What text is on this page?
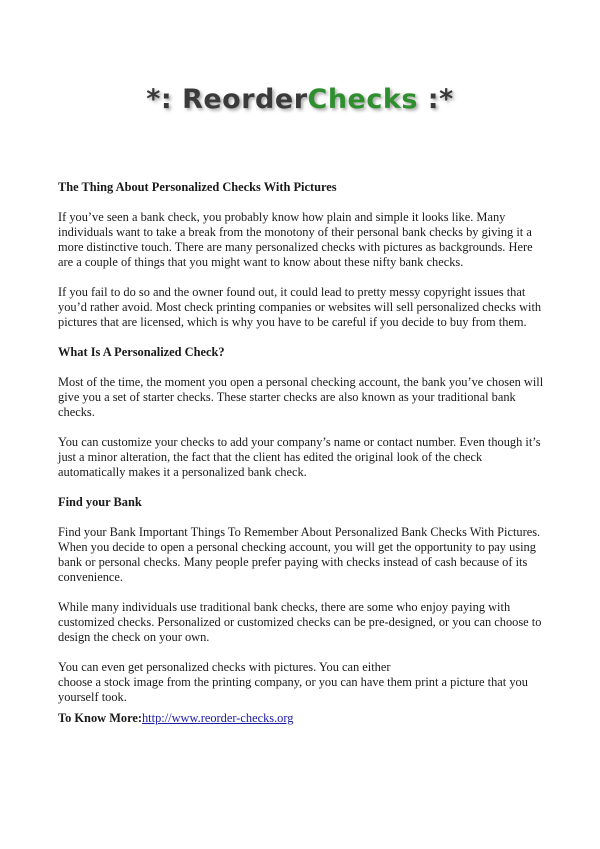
*: ReorderChecks :*
The Thing About Personalized Checks With Pictures

If you’ve seen a bank check, you probably know how plain and simple it looks like. Many individuals want to take a break from the monotony of their personal bank checks by giving it a more distinctive touch. There are many personalized checks with pictures as backgrounds. Here are a couple of things that you might want to know about these nifty bank checks.

If you fail to do so and the owner found out, it could lead to pretty messy copyright issues that you’d rather avoid. Most check printing companies or websites will sell personalized checks with pictures that are licensed, which is why you have to be careful if you decide to buy from them.

What Is A Personalized Check?

Most of the time, the moment you open a personal checking account, the bank you’ve chosen will give you a set of starter checks. These starter checks are also known as your traditional bank checks.

You can customize your checks to add your company’s name or contact number. Even though it’s just a minor alteration, the fact that the client has edited the original look of the check automatically makes it a personalized bank check.

Find your Bank

Find your Bank Important Things To Remember About Personalized Bank Checks With Pictures. When you decide to open a personal checking account, you will get the opportunity to pay using bank or personal checks. Many people prefer paying with checks instead of cash because of its convenience.

While many individuals use traditional bank checks, there are some who enjoy paying with customized checks. Personalized or customized checks can be pre-designed, or you can choose to design the check on your own.

You can even get personalized checks with pictures. You can either
choose a stock image from the printing company, or you can have them print a picture that you yourself took.

To Know More:http://www.reorder-checks.org
